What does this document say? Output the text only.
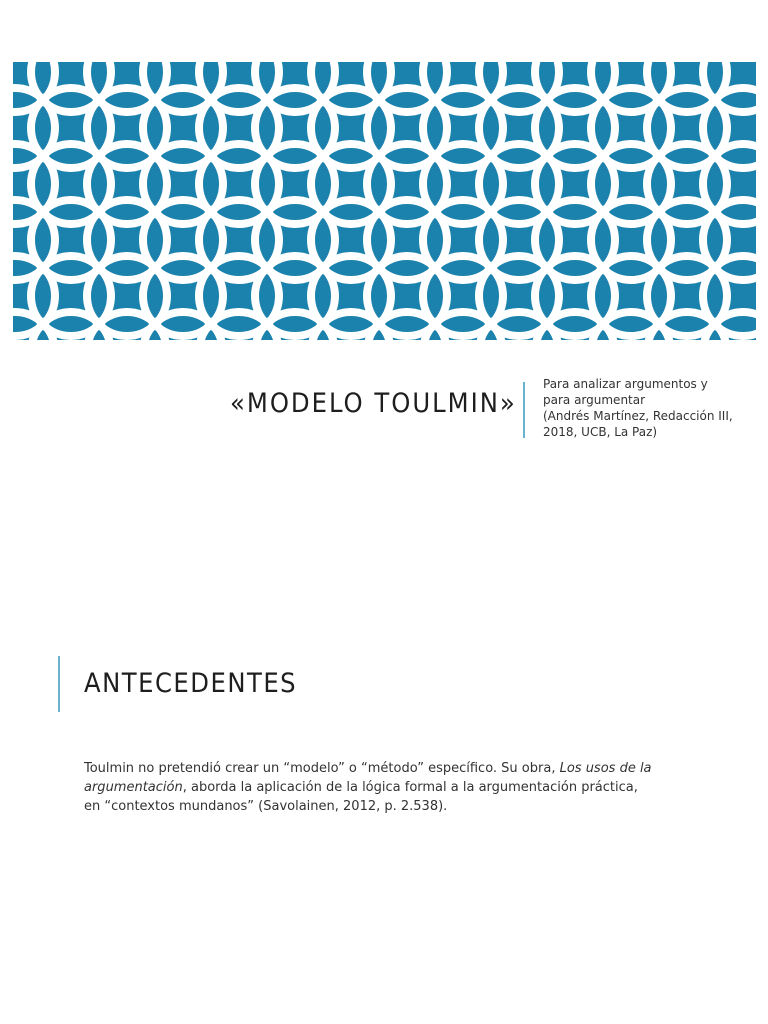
«MODELO TOULMIN»
Para analizar argumentos y
para argumentar
(Andrés Martínez, Redacción III,
2018, UCB, La Paz)
ANTECEDENTES

Toulmin no pretendió crear un “modelo” o “método” específico. Su obra, Los usos de la argumentación, aborda la aplicación de la lógica formal a la argumentación práctica, en “contextos mundanos” (Savolainen, 2012, p. 2.538).
